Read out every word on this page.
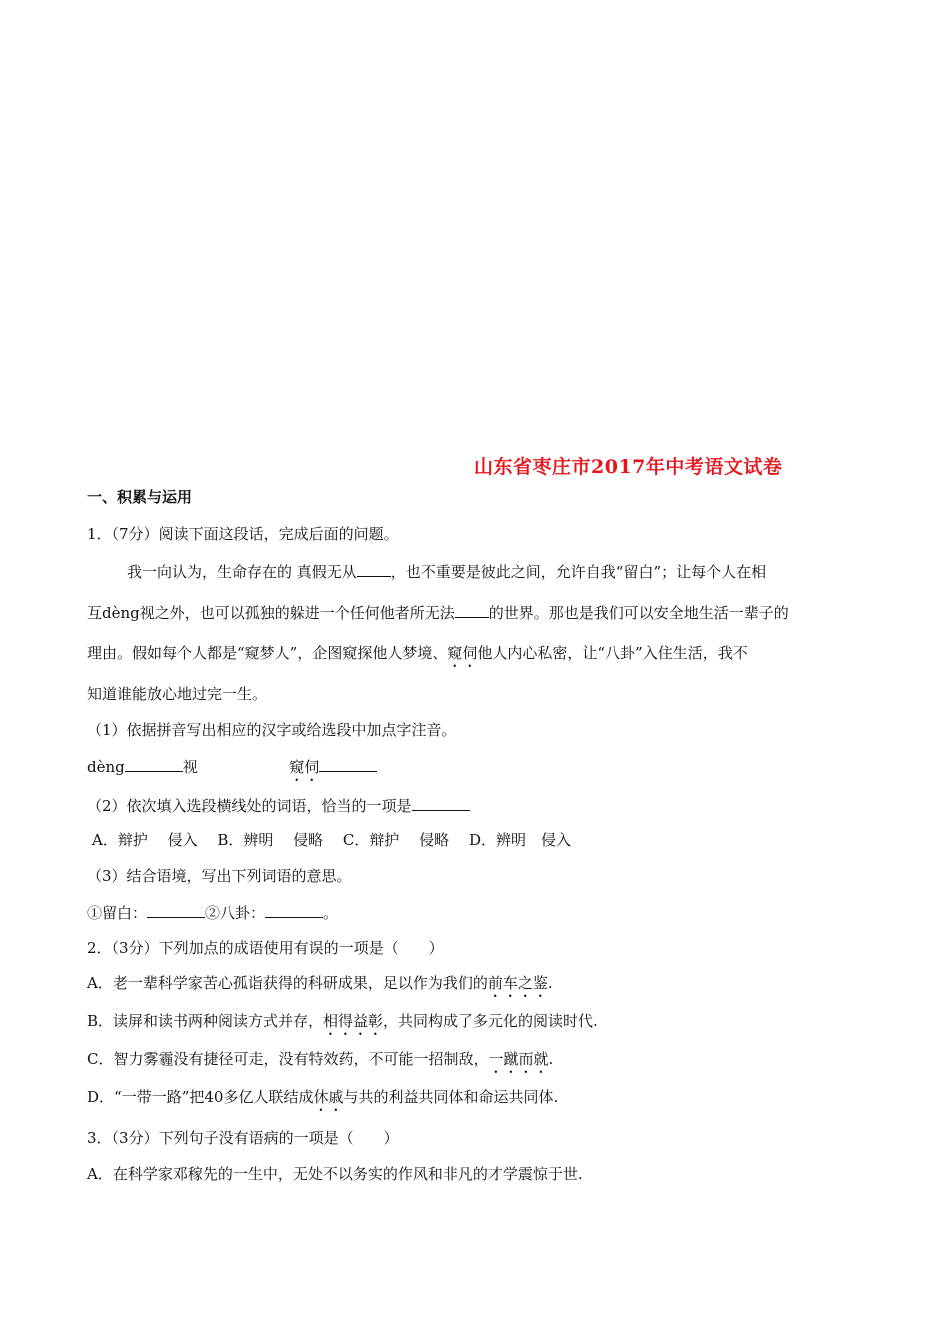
山东省枣庄市2017年中考语文试卷
一、积累与运用
1．（7分）阅读下面这段话，完成后面的问题。
我一向认为，生命存在的 真假无从 ，也不重要是彼此之间，允许自我“留白”；让每个人在相
互dèng视之外，也可以孤独的躲进一个任何他者所无法 的世界。那也是我们可以安全地生活一辈子的
理由。假如每个人都是“窥梦人”，企图窥探他人梦境、窥伺他人内心私密，让“八卦”入住生活，我不
知道谁能放心地过完一生。
（1）依据拼音写出相应的汉字或给选段中加点字注音。
dèng	视	窥伺
（2）依次填入选段横线处的词语，恰当的一项是
A．辩护　 侵入　 B．辨明　 侵略　 C．辩护　 侵略　 D．辨明　侵入
（3）结合语境，写出下列词语的意思。
①留白：	②八卦：	。
2．（3分）下列加点的成语使用有误的一项是（　　）
A．老一辈科学家苦心孤诣获得的科研成果，足以作为我们的前车之鉴.
B．读屏和读书两种阅读方式并存，相得益彰，共同构成了多元化的阅读时代.
C．智力雾霾没有捷径可走，没有特效药，不可能一招制敌，一蹴而就.
D．“一带一路”把40多亿人联结成休戚与共的利益共同体和命运共同体.
3．（3分）下列句子没有语病的一项是（　　）
A．在科学家邓稼先的一生中，无处不以务实的作风和非凡的才学震惊于世.
